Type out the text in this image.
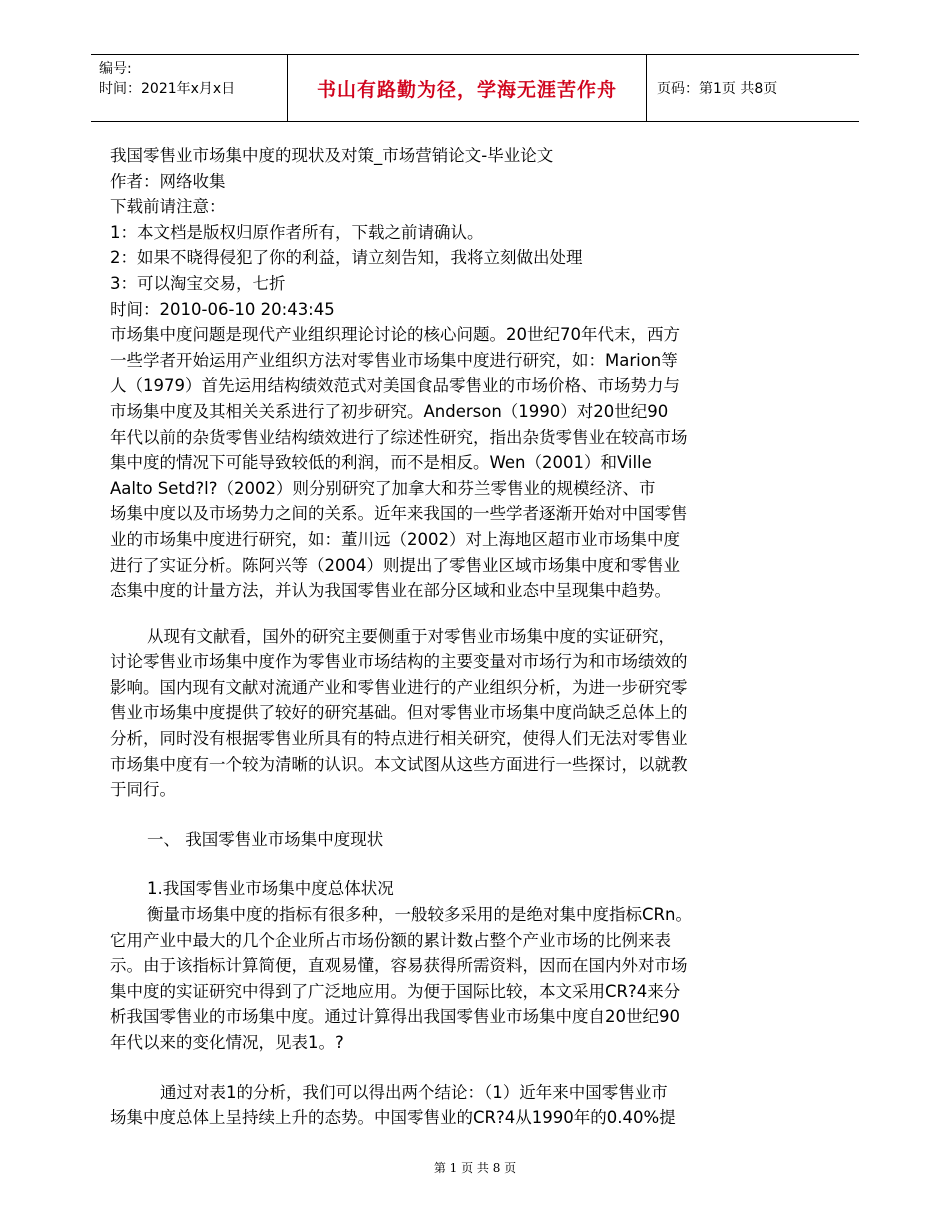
编号:
时间：2021年x月x日	书山有路勤为径，学海无涯苦作舟	页码：第1页 共8页
我国零售业市场集中度的现状及对策_市场营销论文-毕业论文
作者：网络收集
下载前请注意：
1：本文档是版权归原作者所有，下载之前请确认。
2：如果不晓得侵犯了你的利益，请立刻告知，我将立刻做出处理
3：可以淘宝交易，七折
时间：2010-06-10 20:43:45
市场集中度问题是现代产业组织理论讨论的核心问题。20世纪70年代末，西方
一些学者开始运用产业组织方法对零售业市场集中度进行研究，如：Marion等
人（1979）首先运用结构绩效范式对美国食品零售业的市场价格、市场势力与
市场集中度及其相关关系进行了初步研究。Anderson（1990）对20世纪90
年代以前的杂货零售业结构绩效进行了综述性研究，指出杂货零售业在较高市场
集中度的情况下可能导致较低的利润，而不是相反。Wen（2001）和Ville
Aalto Setd?l?（2002）则分别研究了加拿大和芬兰零售业的规模经济、市
场集中度以及市场势力之间的关系。近年来我国的一些学者逐渐开始对中国零售
业的市场集中度进行研究，如：董川远（2002）对上海地区超市业市场集中度
进行了实证分析。陈阿兴等（2004）则提出了零售业区域市场集中度和零售业
态集中度的计量方法，并认为我国零售业在部分区域和业态中呈现集中趋势。
从现有文献看，国外的研究主要侧重于对零售业市场集中度的实证研究，
讨论零售业市场集中度作为零售业市场结构的主要变量对市场行为和市场绩效的
影响。国内现有文献对流通产业和零售业进行的产业组织分析，为进一步研究零
售业市场集中度提供了较好的研究基础。但对零售业市场集中度尚缺乏总体上的
分析，同时没有根据零售业所具有的特点进行相关研究，使得人们无法对零售业
市场集中度有一个较为清晰的认识。本文试图从这些方面进行一些探讨，以就教
于同行。
一、 我国零售业市场集中度现状
1.我国零售业市场集中度总体状况
衡量市场集中度的指标有很多种，一般较多采用的是绝对集中度指标CRn。
它用产业中最大的几个企业所占市场份额的累计数占整个产业市场的比例来表
示。由于该指标计算简便，直观易懂，容易获得所需资料，因而在国内外对市场
集中度的实证研究中得到了广泛地应用。为便于国际比较，本文采用CR?4来分
析我国零售业的市场集中度。通过计算得出我国零售业市场集中度自20世纪90
年代以来的变化情况，见表1。?
通过对表1的分析，我们可以得出两个结论：（1）近年来中国零售业市
场集中度总体上呈持续上升的态势。中国零售业的CR?4从1990年的0.40%提
第 1 页 共 8 页
